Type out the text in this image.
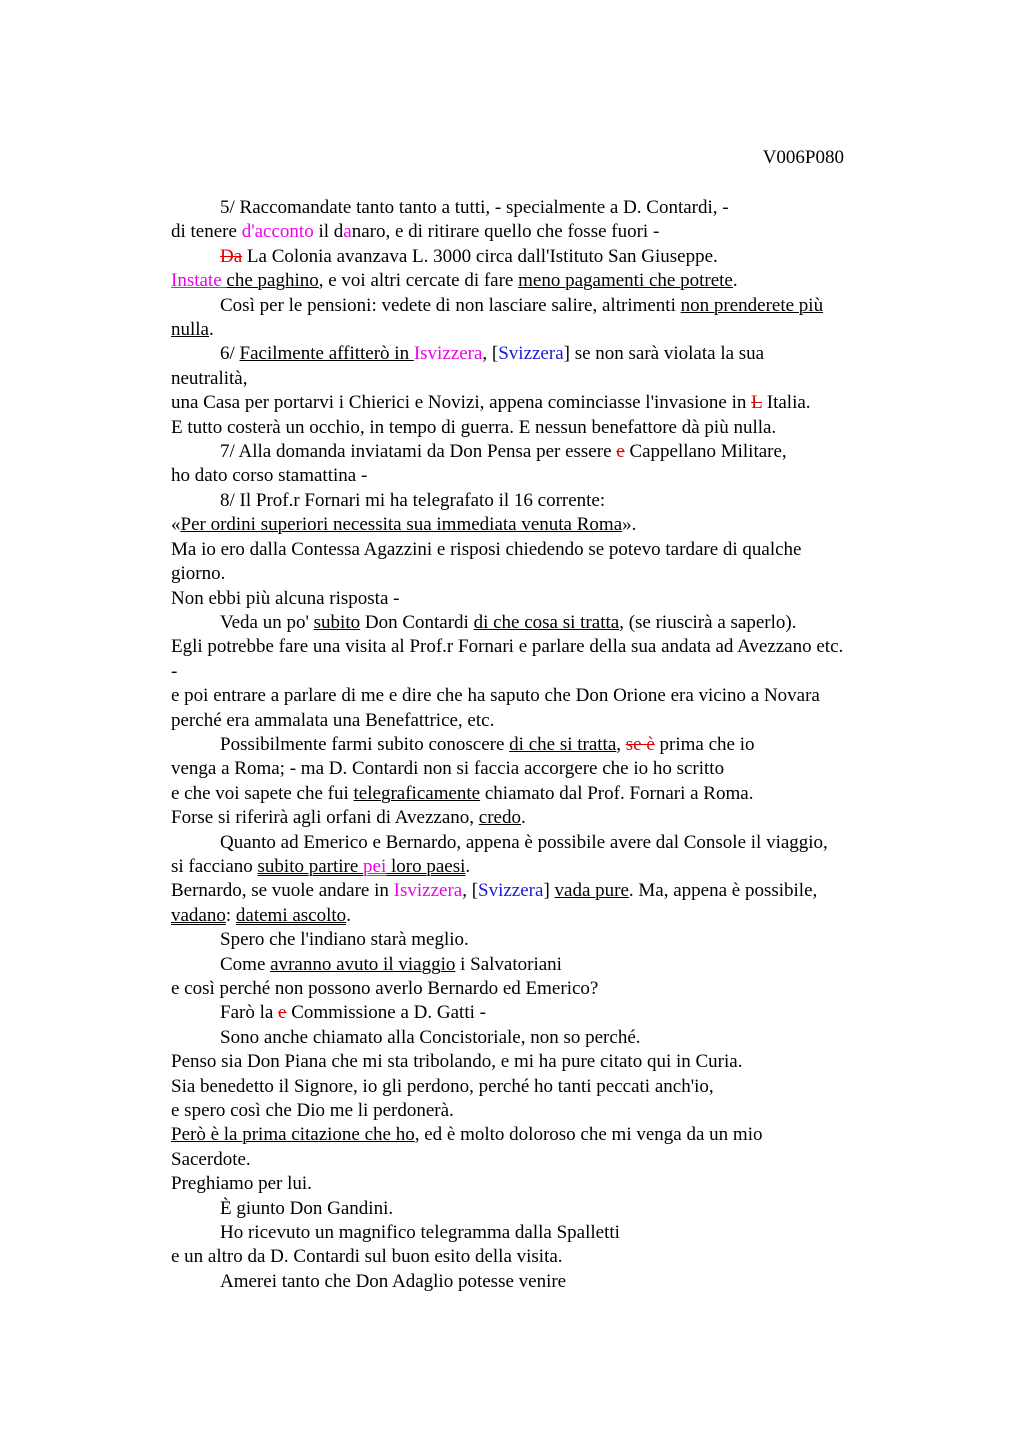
V006P080
5/ Raccomandate tanto tanto a tutti, - specialmente a D. Contardi, -
di tenere d'acconto il danaro, e di ritirare quello che fosse fuori -
Da La Colonia avanzava L. 3000 circa dall'Istituto San Giuseppe.
Instate che paghino, e voi altri cercate di fare meno pagamenti che potrete.
Così per le pensioni: vedete di non lasciare salire, altrimenti non prenderete più
nulla.
6/ Facilmente affitterò in Isvizzera, [Svizzera] se non sarà violata la sua
neutralità,
una Casa per portarvi i Chierici e Novizi, appena cominciasse l'invasione in L Italia.
E tutto costerà un occhio, in tempo di guerra. E nessun benefattore dà più nulla.
7/ Alla domanda inviatami da Don Pensa per essere e Cappellano Militare,
ho dato corso stamattina -
8/ Il Prof.r Fornari mi ha telegrafato il 16 corrente:
«Per ordini superiori necessita sua immediata venuta Roma».
Ma io ero dalla Contessa Agazzini e risposi chiedendo se potevo tardare di qualche
giorno.
Non ebbi più alcuna risposta -
Veda un po' subito Don Contardi di che cosa si tratta, (se riuscirà a saperlo).
Egli potrebbe fare una visita al Prof.r Fornari e parlare della sua andata ad Avezzano etc.
-
e poi entrare a parlare di me e dire che ha saputo che Don Orione era vicino a Novara
perché era ammalata una Benefattrice, etc.
Possibilmente farmi subito conoscere di che si tratta, se è prima che io
venga a Roma; - ma D. Contardi non si faccia accorgere che io ho scritto
e che voi sapete che fui telegraficamente chiamato dal Prof. Fornari a Roma.
Forse si riferirà agli orfani di Avezzano, credo.
Quanto ad Emerico e Bernardo, appena è possibile avere dal Console il viaggio,
si facciano subito partire pei loro paesi.
Bernardo, se vuole andare in Isvizzera, [Svizzera] vada pure. Ma, appena è possibile,
vadano: datemi ascolto.
Spero che l'indiano starà meglio.
Come avranno avuto il viaggio i Salvatoriani
e così perché non possono averlo Bernardo ed Emerico?
Farò la e Commissione a D. Gatti -
Sono anche chiamato alla Concistoriale, non so perché.
Penso sia Don Piana che mi sta tribolando, e mi ha pure citato qui in Curia.
Sia benedetto il Signore, io gli perdono, perché ho tanti peccati anch'io,
e spero così che Dio me li perdonerà.
Però è la prima citazione che ho, ed è molto doloroso che mi venga da un mio
Sacerdote.
Preghiamo per lui.
È giunto Don Gandini.
Ho ricevuto un magnifico telegramma dalla Spalletti
e un altro da D. Contardi sul buon esito della visita.
Amerei tanto che Don Adaglio potesse venire
